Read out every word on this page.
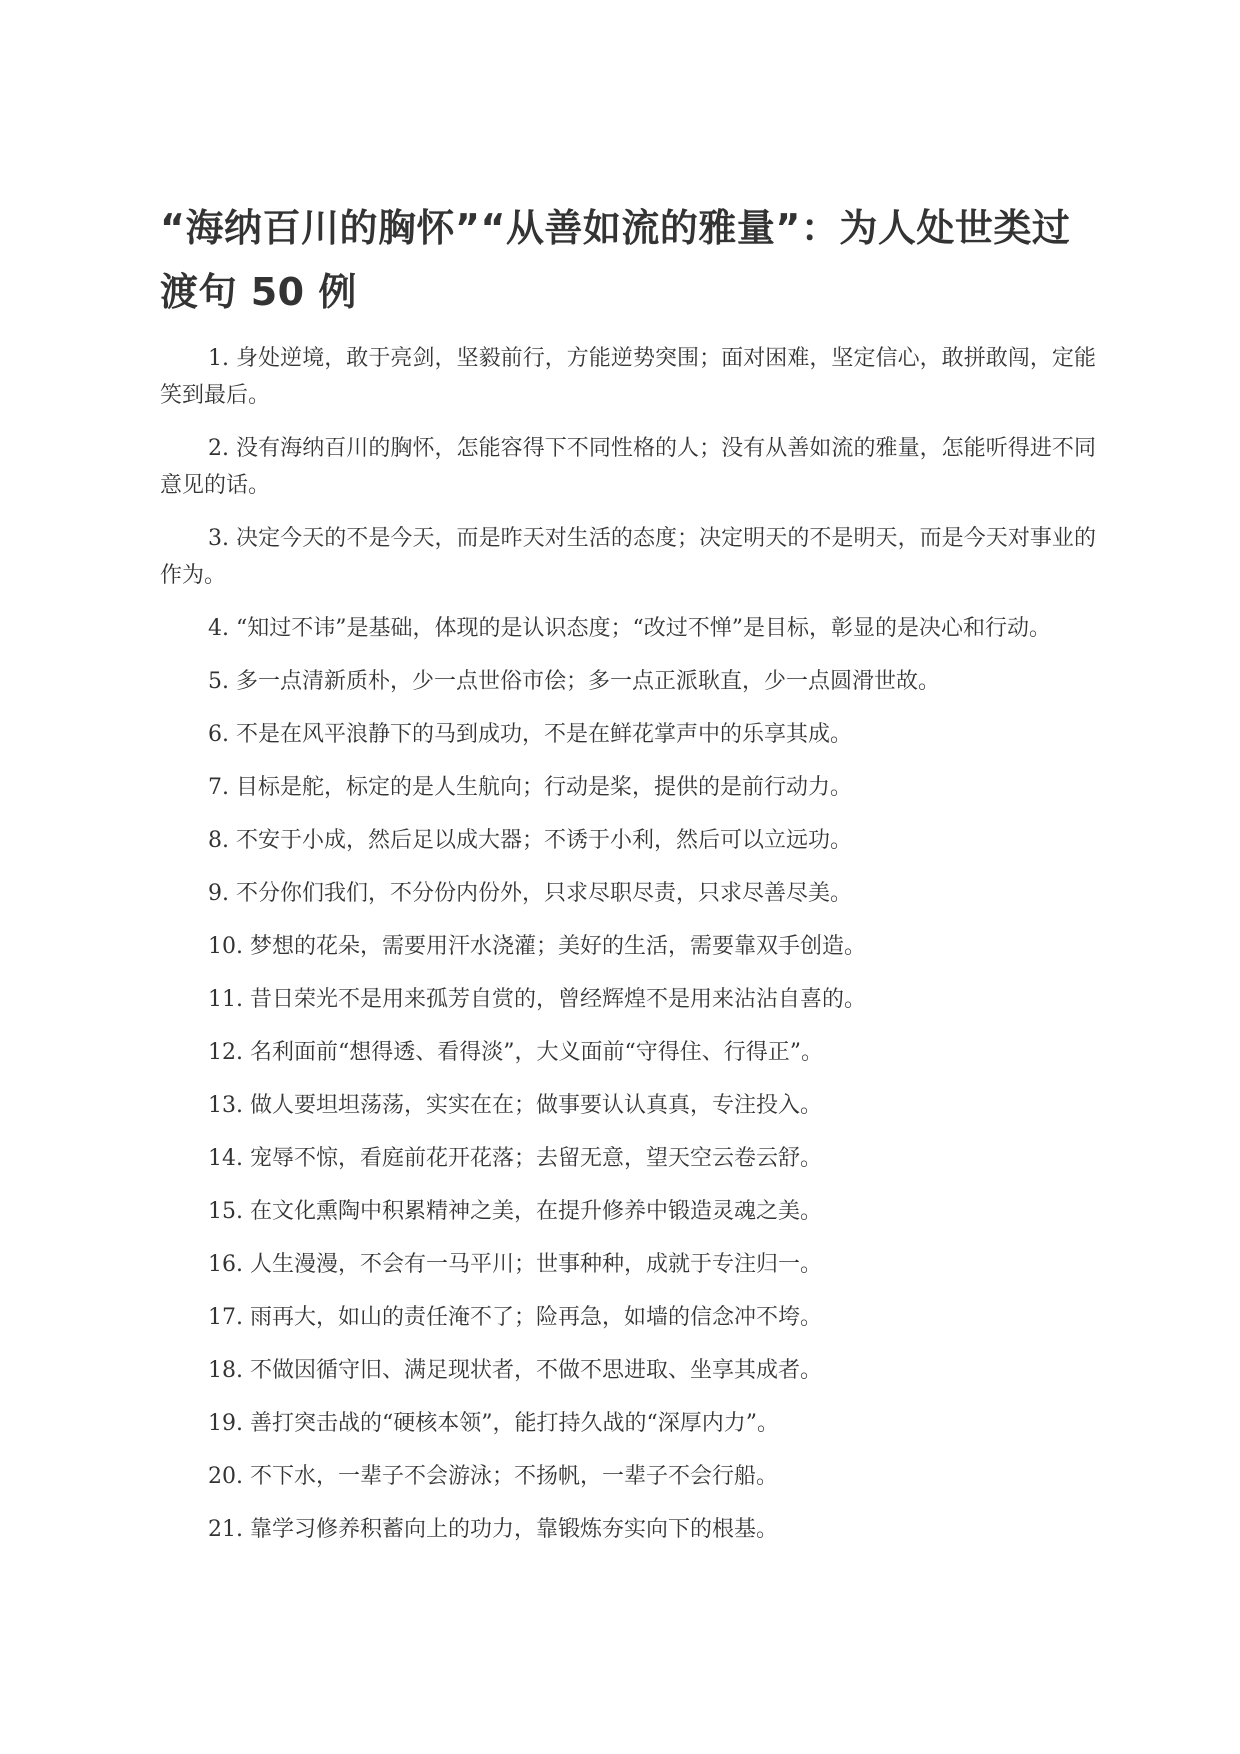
“海纳百川的胸怀”“从善如流的雅量”：为人处世类过渡句 50 例

1. 身处逆境，敢于亮剑，坚毅前行，方能逆势突围；面对困难，坚定信心，敢拼敢闯，定能笑到最后。

2. 没有海纳百川的胸怀，怎能容得下不同性格的人；没有从善如流的雅量，怎能听得进不同意见的话。

3. 决定今天的不是今天，而是昨天对生活的态度；决定明天的不是明天，而是今天对事业的作为。

4. “知过不讳”是基础，体现的是认识态度；“改过不惮”是目标，彰显的是决心和行动。

5. 多一点清新质朴，少一点世俗市侩；多一点正派耿直，少一点圆滑世故。

6. 不是在风平浪静下的马到成功，不是在鲜花掌声中的乐享其成。

7. 目标是舵，标定的是人生航向；行动是桨，提供的是前行动力。

8. 不安于小成，然后足以成大器；不诱于小利，然后可以立远功。

9. 不分你们我们，不分份内份外，只求尽职尽责，只求尽善尽美。

10. 梦想的花朵，需要用汗水浇灌；美好的生活，需要靠双手创造。

11. 昔日荣光不是用来孤芳自赏的，曾经辉煌不是用来沾沾自喜的。

12. 名利面前“想得透、看得淡”，大义面前“守得住、行得正”。

13. 做人要坦坦荡荡，实实在在；做事要认认真真，专注投入。

14. 宠辱不惊，看庭前花开花落；去留无意，望天空云卷云舒。

15. 在文化熏陶中积累精神之美，在提升修养中锻造灵魂之美。

16. 人生漫漫，不会有一马平川；世事种种，成就于专注归一。

17. 雨再大，如山的责任淹不了；险再急，如墙的信念冲不垮。

18. 不做因循守旧、满足现状者，不做不思进取、坐享其成者。

19. 善打突击战的“硬核本领”，能打持久战的“深厚内力”。

20. 不下水，一辈子不会游泳；不扬帆，一辈子不会行船。

21. 靠学习修养积蓄向上的功力，靠锻炼夯实向下的根基。
